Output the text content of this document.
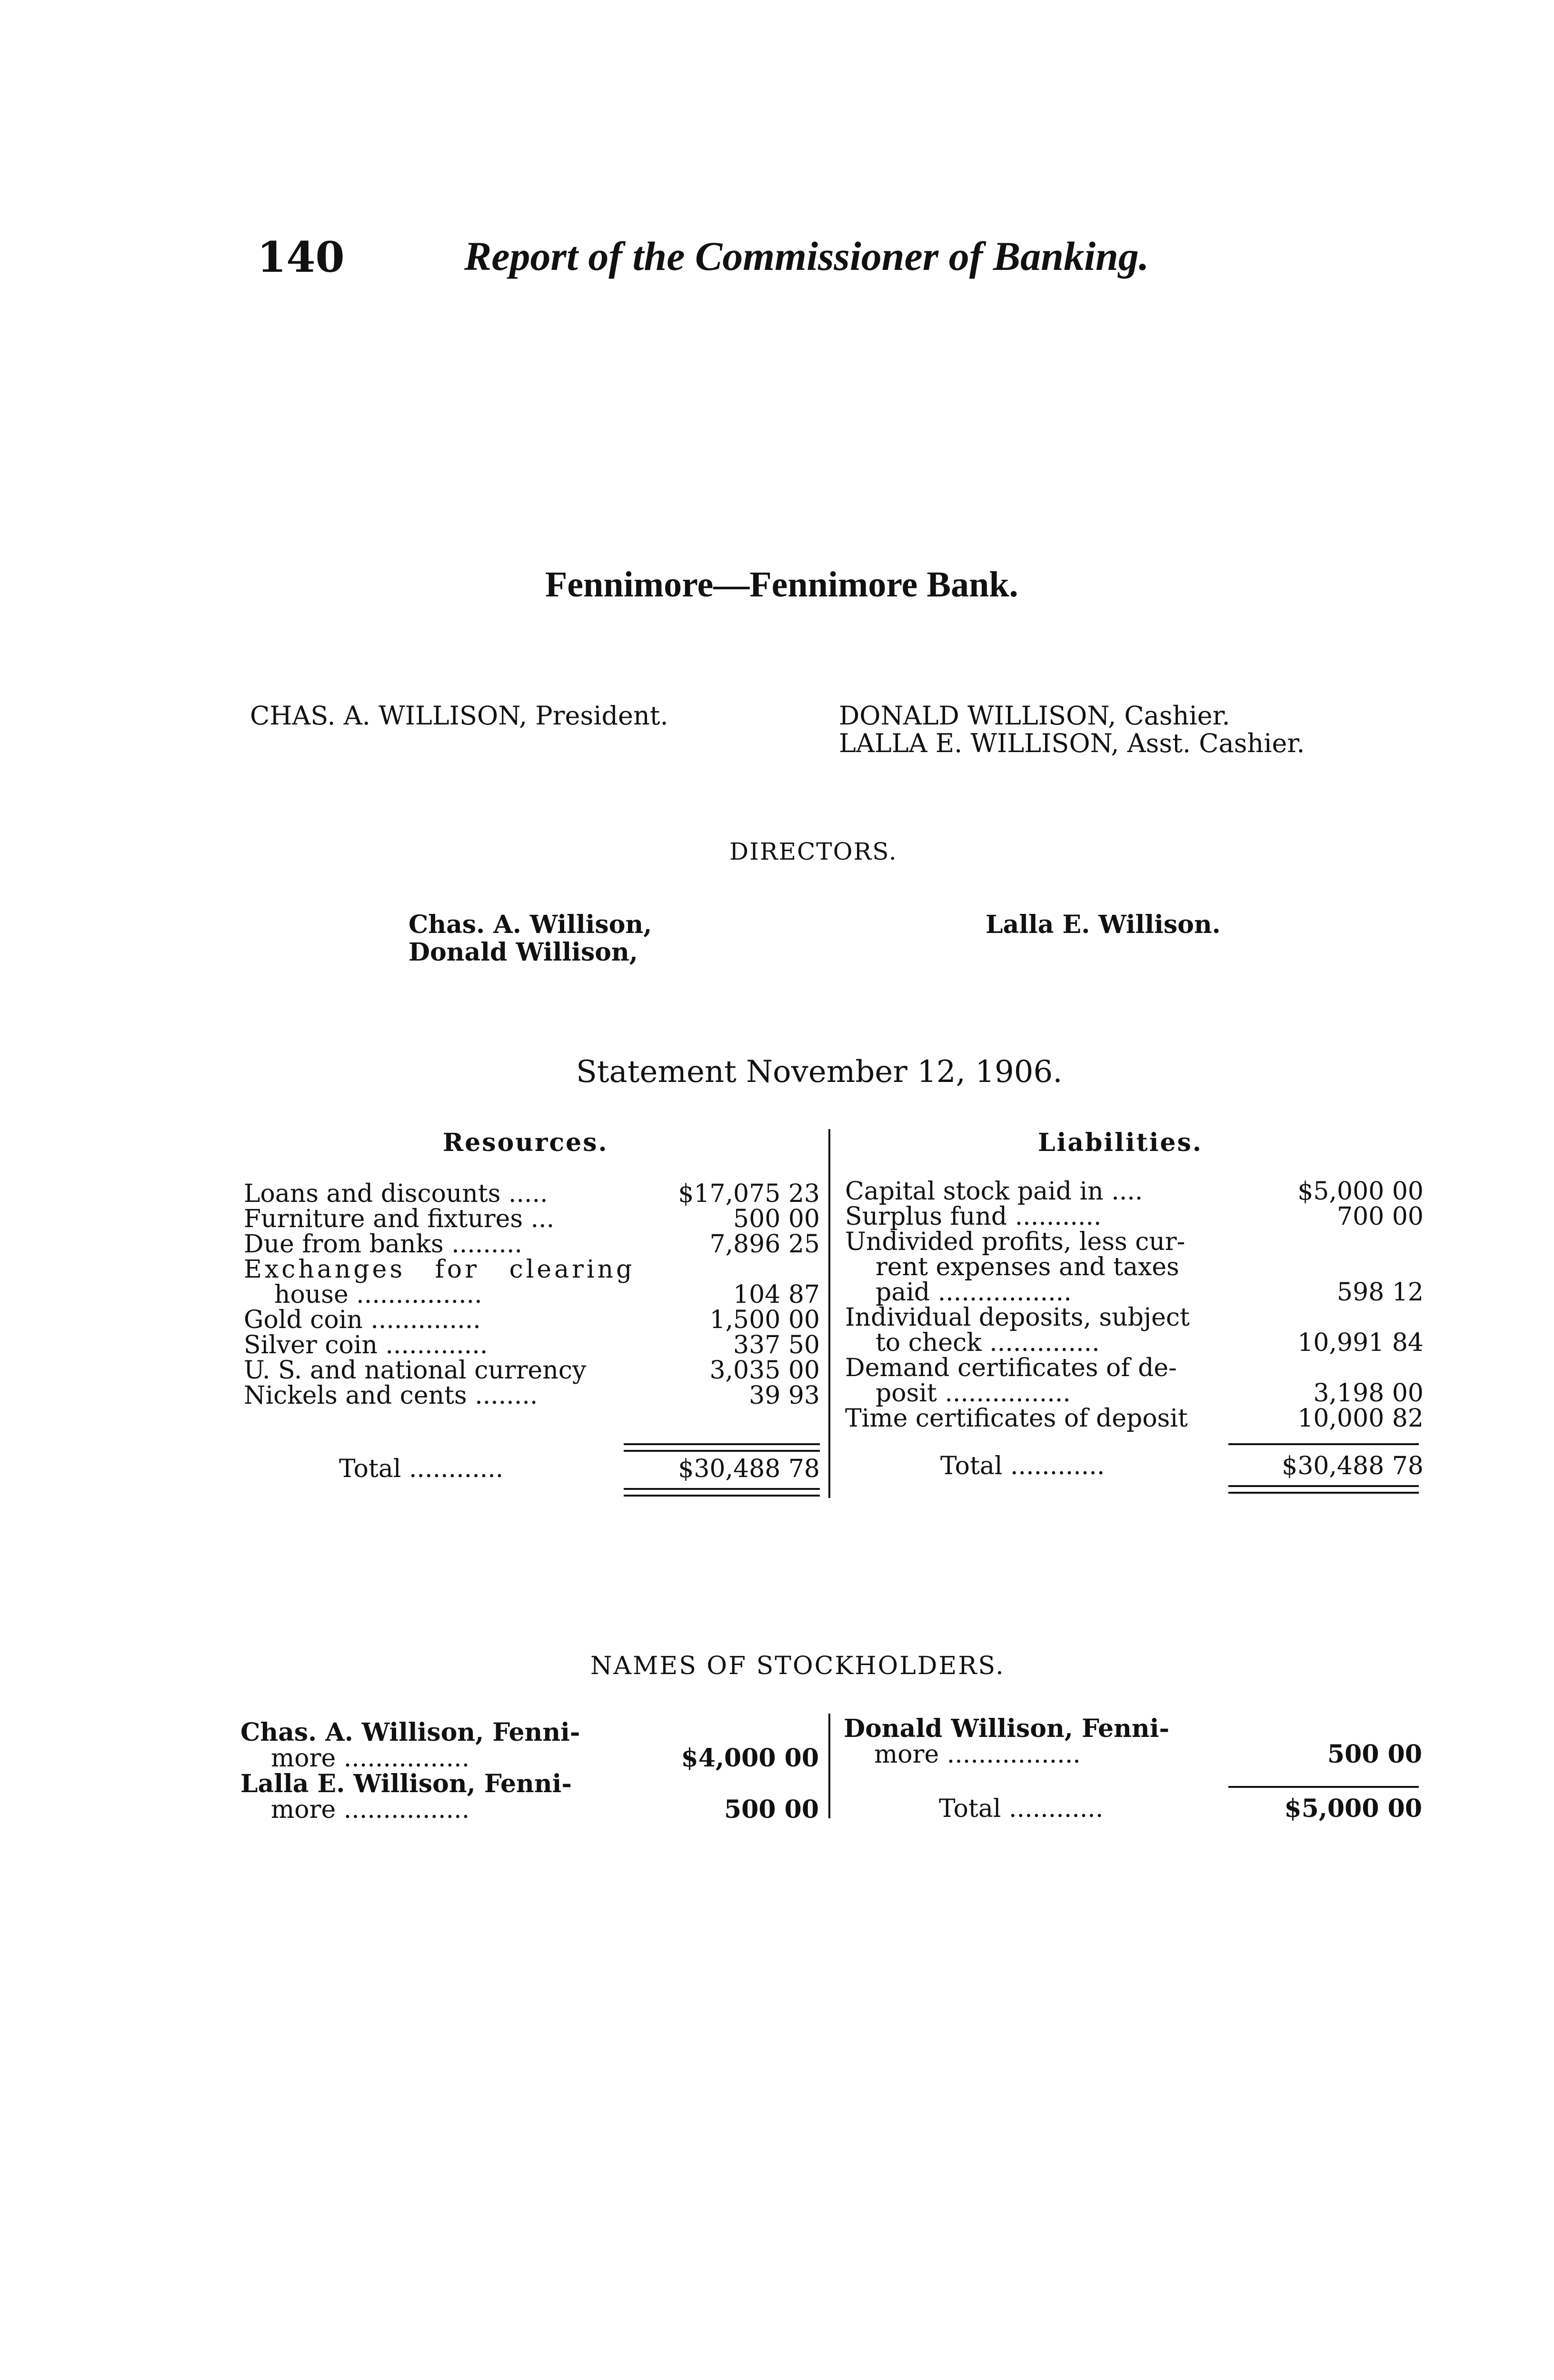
140	Report of the Commissioner of Banking.
Fennimore—Fennimore Bank.
CHAS. A. WILLISON, President.	DONALD WILLISON, Cashier.
LALLA E. WILLISON, Asst. Cashier.
DIRECTORS.
Chas. A. Willison,
Donald Willison,
Lalla E. Willison.
Statement November 12, 1906.
Resources.	Liabilities.
Loans and discounts .....	$17,075 23
Furniture and fixtures ...	500 00
Due from banks .........	7,896 25
Exchanges for clearing
house ................	104 87
Gold coin ..............	1,500 00
Silver coin .............	337 50
U. S. and national currency	3,035 00
Nickels and cents ........	39 93
Total ............	$30,488 78
Capital stock paid in ....	$5,000 00
Surplus fund ...........	700 00
Undivided profits, less cur-
rent expenses and taxes
paid .................	598 12
Individual deposits, subject
to check ..............	10,991 84
Demand certificates of de-
posit ................	3,198 00
Time certificates of deposit	10,000 82
Total ............	$30,488 78
NAMES OF STOCKHOLDERS.
Chas. A. Willison, Fenni-
more ................	$4,000 00
Lalla E. Willison, Fenni-
more ................	500 00
Donald Willison, Fenni-
more .................	500 00
Total ............	$5,000 00
